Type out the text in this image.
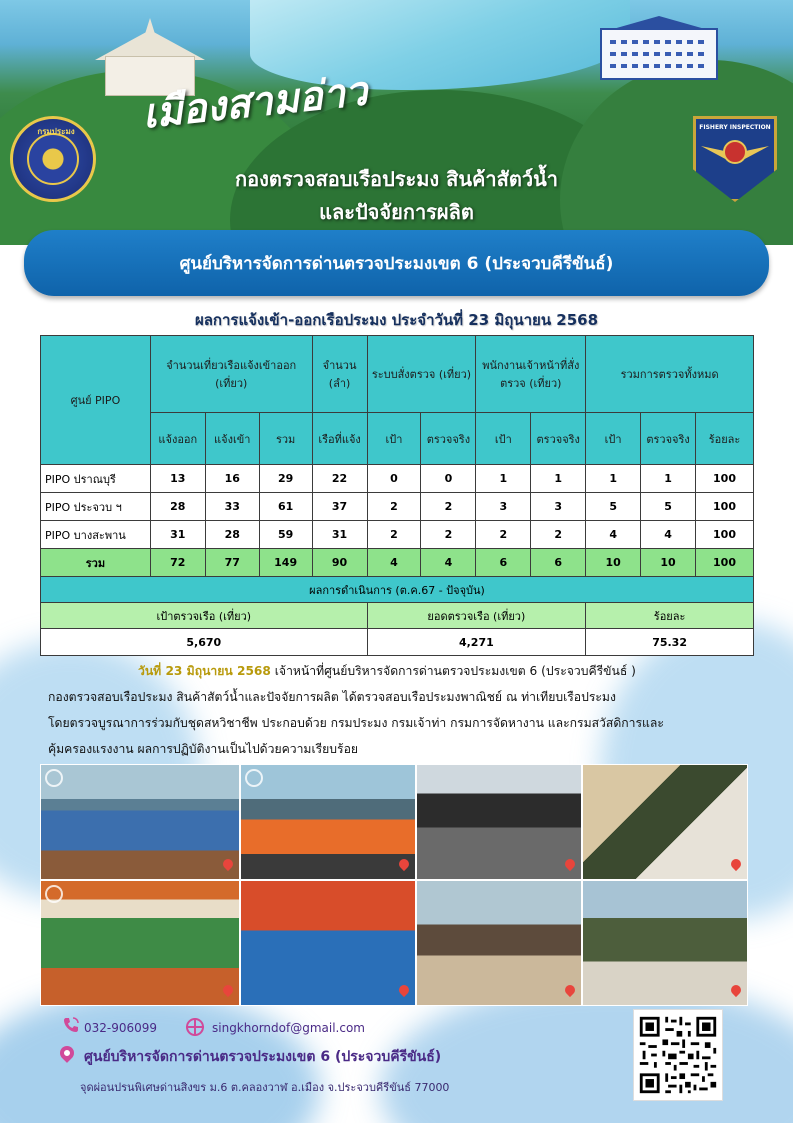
เมืองสามอ่าว
กองตรวจสอบเรือประมง สินค้าสัตว์น้ำ
และปัจจัยการผลิต
กรมประมง	FISHERY INSPECTION
ศูนย์บริหารจัดการด่านตรวจประมงเขต 6 (ประจวบคีรีขันธ์)
ผลการแจ้งเข้า-ออกเรือประมง ประจำวันที่ 23 มิถุนายน 2568
ศูนย์ PIPO	จำนวนเที่ยวเรือแจ้งเข้าออก (เที่ยว)			จำนวน (ลำ)	ระบบสั่งตรวจ (เที่ยว)		พนักงานเจ้าหน้าที่สั่งตรวจ (เที่ยว)		รวมการตรวจทั้งหมด		
	แจ้งออก	แจ้งเข้า	รวม	เรือที่แจ้ง	เป้า	ตรวจจริง	เป้า	ตรวจจริง	เป้า	ตรวจจริง	ร้อยละ
PIPO ปราณบุรี	13	16	29	22	0	0	1	1	1	1	100
PIPO ประจวบ ฯ	28	33	61	37	2	2	3	3	5	5	100
PIPO บางสะพาน	31	28	59	31	2	2	2	2	4	4	100
รวม	72	77	149	90	4	4	6	6	10	10	100
ผลการดำเนินการ (ต.ค.67 - ปัจจุบัน)											
เป้าตรวจเรือ (เที่ยว)					ยอดตรวจเรือ (เที่ยว)				ร้อยละ		
5,670					4,271				75.32		
วันที่ 23 มิถุนายน 2568 เจ้าหน้าที่ศูนย์บริหารจัดการด่านตรวจประมงเขต 6 (ประจวบคีรีขันธ์ )
กองตรวจสอบเรือประมง สินค้าสัตว์น้ำและปัจจัยการผลิต ได้ตรวจสอบเรือประมงพาณิชย์ ณ ท่าเทียบเรือประมง
โดยตรวจบูรณาการร่วมกับชุดสหวิชาชีพ ประกอบด้วย กรมประมง กรมเจ้าท่า กรมการจัดหางาน และกรมสวัสดิการและ
คุ้มครองแรงงาน ผลการปฏิบัติงานเป็นไปด้วยความเรียบร้อย
032-906099	singkhorndof@gmail.com
ศูนย์บริหารจัดการด่านตรวจประมงเขต 6 (ประจวบคีรีขันธ์)
จุดผ่อนปรนพิเศษด่านสิงขร ม.6 ต.คลองวาฬ อ.เมือง จ.ประจวบคีรีขันธ์ 77000
